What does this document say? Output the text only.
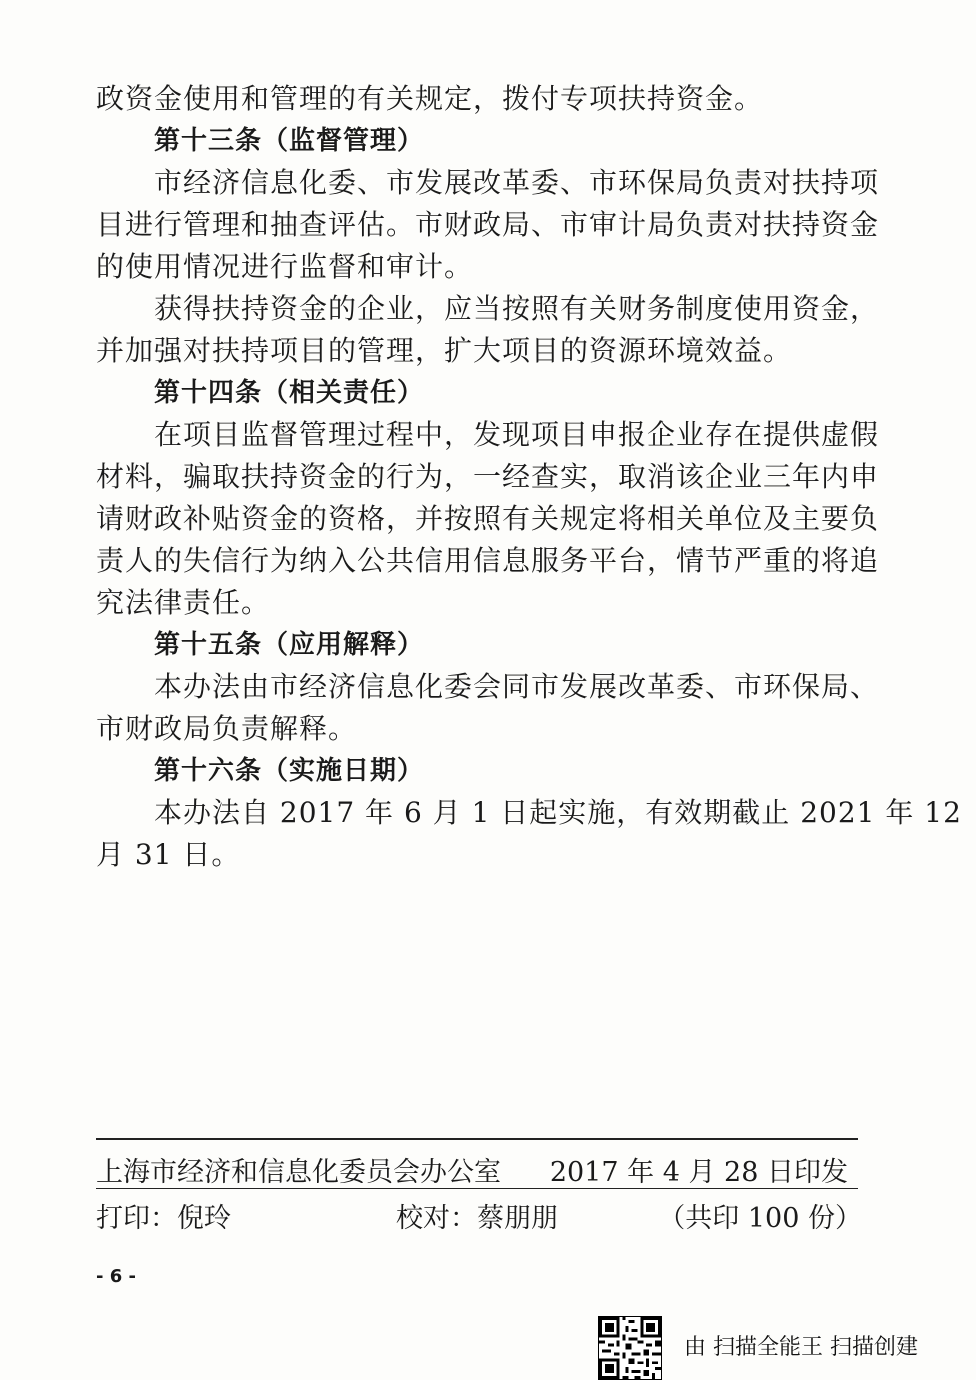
政资金使用和管理的有关规定，拨付专项扶持资金。
第十三条（监督管理）
市经济信息化委、市发展改革委、市环保局负责对扶持项
目进行管理和抽查评估。市财政局、市审计局负责对扶持资金
的使用情况进行监督和审计。
获得扶持资金的企业，应当按照有关财务制度使用资金，
并加强对扶持项目的管理，扩大项目的资源环境效益。
第十四条（相关责任）
在项目监督管理过程中，发现项目申报企业存在提供虚假
材料，骗取扶持资金的行为，一经查实，取消该企业三年内申
请财政补贴资金的资格，并按照有关规定将相关单位及主要负
责人的失信行为纳入公共信用信息服务平台，情节严重的将追
究法律责任。
第十五条（应用解释）
本办法由市经济信息化委会同市发展改革委、市环保局、
市财政局负责解释。
第十六条（实施日期）
本办法自 2017 年 6 月 1 日起实施，有效期截止 2021 年 12
月 31 日。
上海市经济和信息化委员会办公室 2017 年 4 月 28 日印发
打印：倪玲	校对：蔡朋朋	（共印 100 份）
- 6 -
由 扫描全能王 扫描创建
